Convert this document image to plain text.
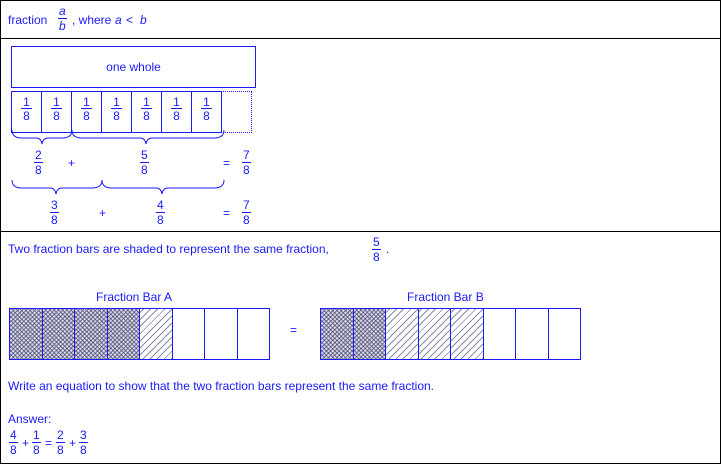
fraction $\frac{a}{b}$ , where a < b
one whole
$\frac{1}{8} \frac{1}{8} \frac{1}{8} \frac{1}{8} \frac{1}{8} \frac{1}{8} \frac{1}{8}$
$\frac{2}{8}$ +	$\frac{5}{8}$	= $\frac{7}{8}$
$\frac{3}{8}$	+	$\frac{4}{8}$	= $\frac{7}{8}$
Two fraction bars are shaded to represent the same fraction,	$\frac{5}{8}$ .
Fraction Bar A	Fraction Bar B
=
Write an equation to show that the two fraction bars represent the same fraction.
Answer:
$\frac{4}{8} + \frac{1}{8} = \frac{2}{8} + \frac{3}{8}$
